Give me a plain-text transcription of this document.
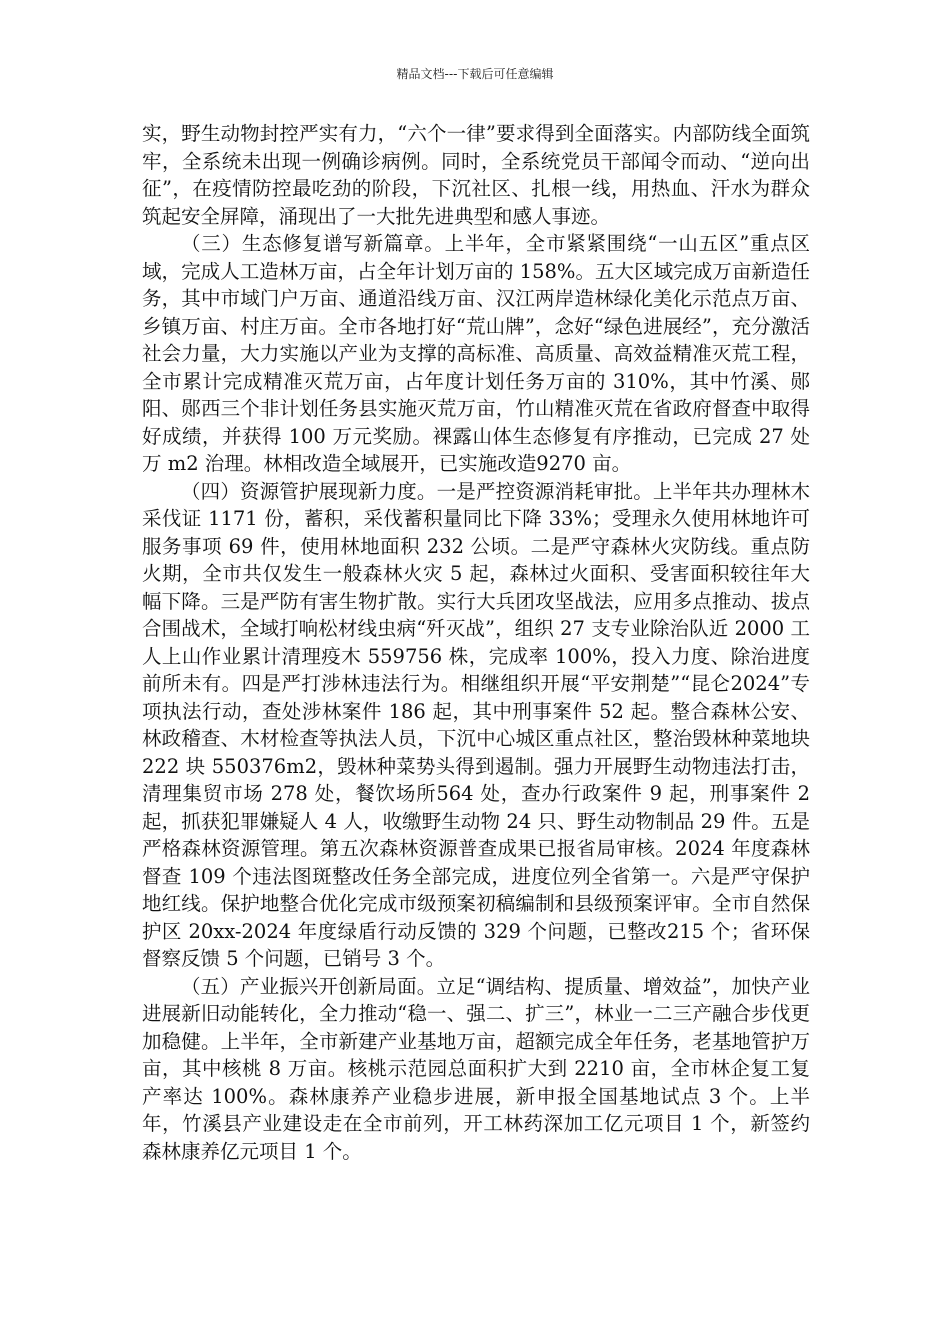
精品文档---下载后可任意编辑

实，野生动物封控严实有力，“六个一律”要求得到全面落实。内部防线全面筑牢，全系统未出现一例确诊病例。同时，全系统党员干部闻令而动、“逆向出征”，在疫情防控最吃劲的阶段，下沉社区、扎根一线，用热血、汗水为群众筑起安全屏障，涌现出了一大批先进典型和感人事迹。

（三）生态修复谱写新篇章。上半年，全市紧紧围绕“一山五区”重点区域，完成人工造林万亩，占全年计划万亩的 158%。五大区域完成万亩新造任务，其中市域门户万亩、通道沿线万亩、汉江两岸造林绿化美化示范点万亩、乡镇万亩、村庄万亩。全市各地打好“荒山牌”，念好“绿色进展经”，充分激活社会力量，大力实施以产业为支撑的高标准、高质量、高效益精准灭荒工程，全市累计完成精准灭荒万亩，占年度计划任务万亩的 310%，其中竹溪、郧阳、郧西三个非计划任务县实施灭荒万亩，竹山精准灭荒在省政府督查中取得好成绩，并获得 100 万元奖励。裸露山体生态修复有序推动，已完成 27 处万 m2 治理。林相改造全域展开，已实施改造9270 亩。

（四）资源管护展现新力度。一是严控资源消耗审批。上半年共办理林木采伐证 1171 份，蓄积，采伐蓄积量同比下降 33%；受理永久使用林地许可服务事项 69 件，使用林地面积 232 公顷。二是严守森林火灾防线。重点防火期，全市共仅发生一般森林火灾 5 起，森林过火面积、受害面积较往年大幅下降。三是严防有害生物扩散。实行大兵团攻坚战法，应用多点推动、拔点合围战术，全域打响松材线虫病“歼灭战”，组织 27 支专业除治队近 2000 工人上山作业累计清理疫木 559756 株，完成率 100%，投入力度、除治进度前所未有。四是严打涉林违法行为。相继组织开展“平安荆楚”“昆仑2024”专项执法行动，查处涉林案件 186 起，其中刑事案件 52 起。整合森林公安、林政稽查、木材检查等执法人员，下沉中心城区重点社区，整治毁林种菜地块 222 块 550376m2，毁林种菜势头得到遏制。强力开展野生动物违法打击，清理集贸市场 278 处，餐饮场所564 处，查办行政案件 9 起，刑事案件 2 起，抓获犯罪嫌疑人 4 人，收缴野生动物 24 只、野生动物制品 29 件。五是严格森林资源管理。第五次森林资源普查成果已报省局审核。2024 年度森林督查 109 个违法图斑整改任务全部完成，进度位列全省第一。六是严守保护地红线。保护地整合优化完成市级预案初稿编制和县级预案评审。全市自然保护区 20xx-2024 年度绿盾行动反馈的 329 个问题，已整改215 个；省环保督察反馈 5 个问题，已销号 3 个。

（五）产业振兴开创新局面。立足“调结构、提质量、增效益”，加快产业进展新旧动能转化，全力推动“稳一、强二、扩三”，林业一二三产融合步伐更加稳健。上半年，全市新建产业基地万亩，超额完成全年任务，老基地管护万亩，其中核桃 8 万亩。核桃示范园总面积扩大到 2210 亩，全市林企复工复产率达 100%。森林康养产业稳步进展，新申报全国基地试点 3 个。上半年，竹溪县产业建设走在全市前列，开工林药深加工亿元项目 1 个，新签约森林康养亿元项目 1 个。
